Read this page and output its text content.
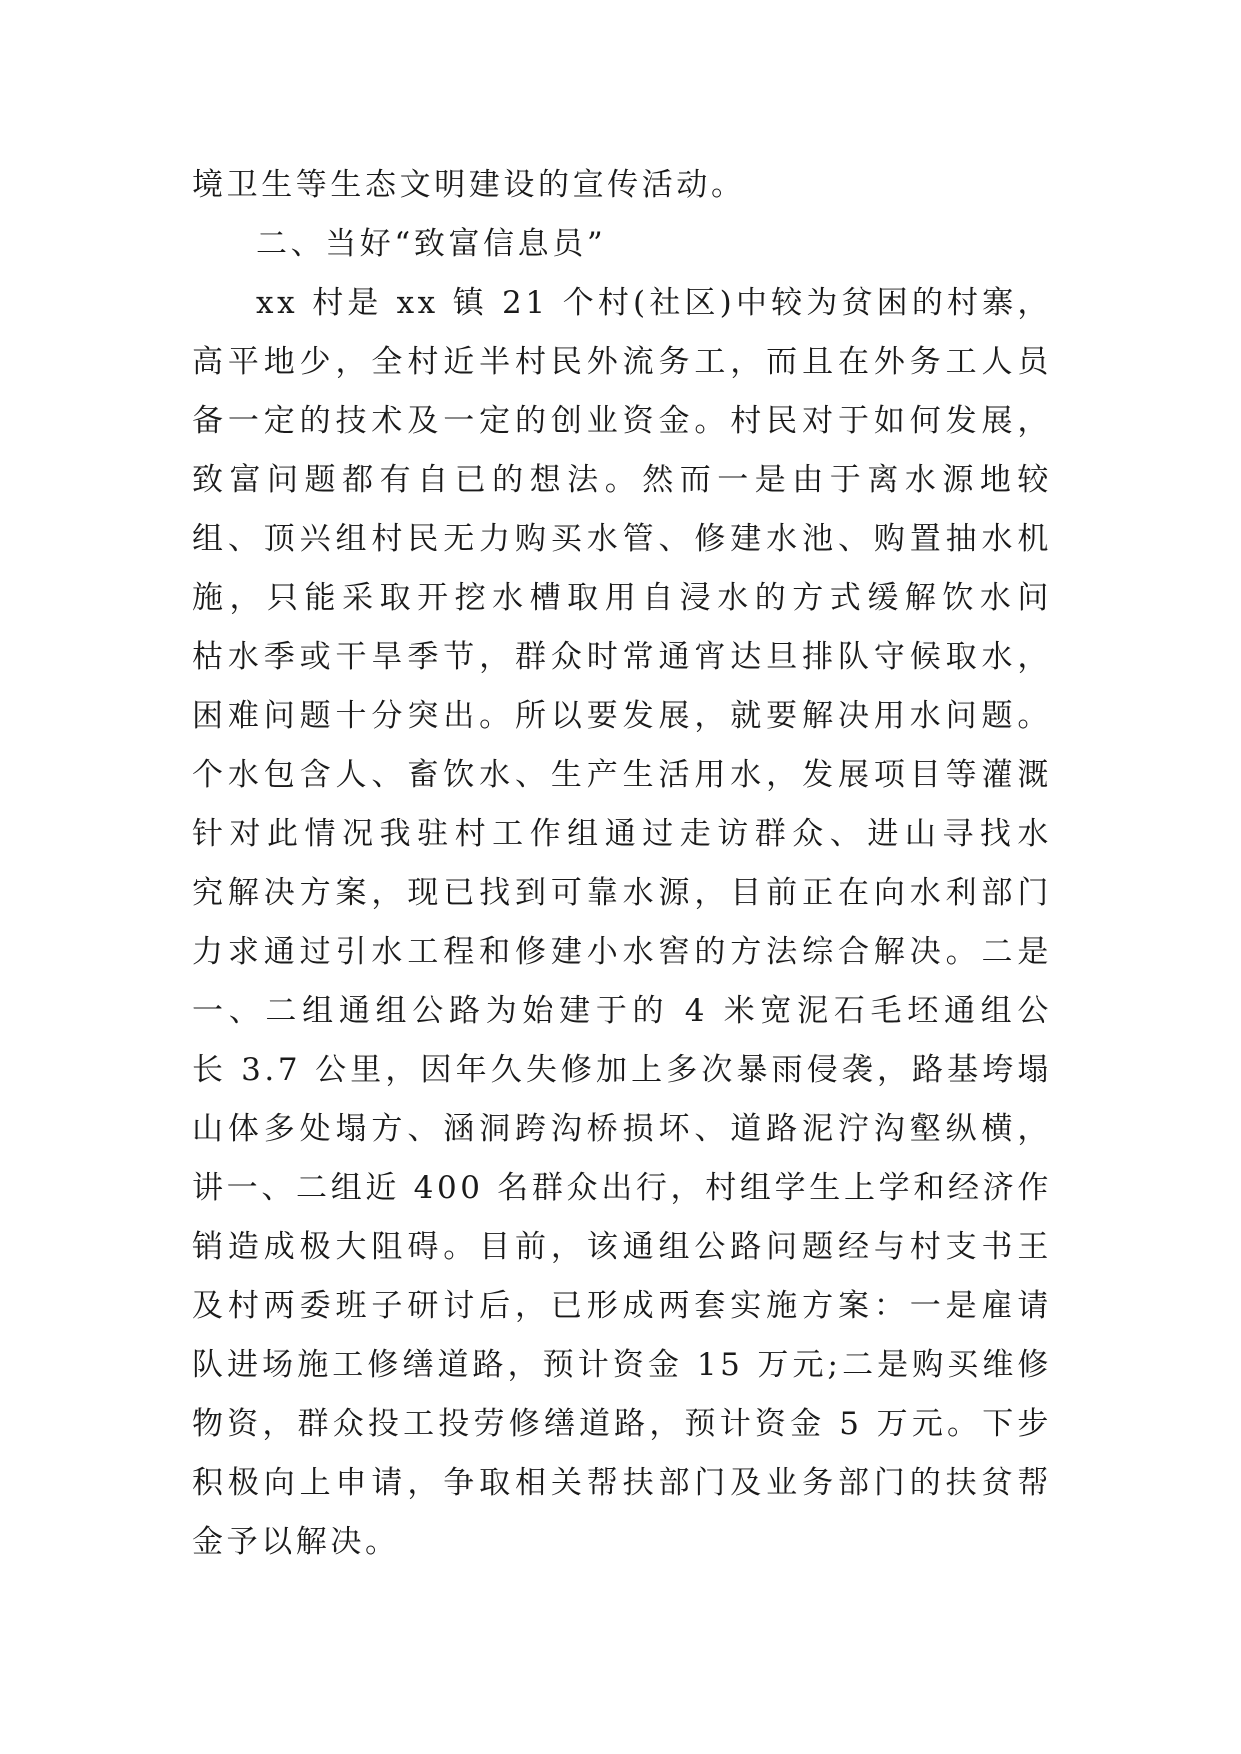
境卫生等生态文明建设的宣传活动。
二、当好“致富信息员”
xx 村是 xx 镇 21 个村(社区)中较为贫困的村寨，
高平地少，全村近半村民外流务工，而且在外务工人员
备一定的技术及一定的创业资金。村民对于如何发展，
致富问题都有自已的想法。然而一是由于离水源地较
组、顶兴组村民无力购买水管、修建水池、购置抽水机
施，只能采取开挖水槽取用自浸水的方式缓解饮水问
枯水季或干旱季节，群众时常通宵达旦排队守候取水，
困难问题十分突出。所以要发展，就要解决用水问题。
个水包含人、畜饮水、生产生活用水，发展项目等灌溉
针对此情况我驻村工作组通过走访群众、进山寻找水
究解决方案，现已找到可靠水源，目前正在向水利部门
力求通过引水工程和修建小水窖的方法综合解决。二是
一、二组通组公路为始建于的 4 米宽泥石毛坯通组公
长 3.7 公里，因年久失修加上多次暴雨侵袭，路基垮塌
山体多处塌方、涵洞跨沟桥损坏、道路泥泞沟壑纵横，
讲一、二组近 400 名群众出行，村组学生上学和经济作
销造成极大阻碍。目前，该通组公路问题经与村支书王
及村两委班子研讨后，已形成两套实施方案：一是雇请
队进场施工修缮道路，预计资金 15 万元;二是购买维修
物资，群众投工投劳修缮道路，预计资金 5 万元。下步
积极向上申请，争取相关帮扶部门及业务部门的扶贫帮
金予以解决。
